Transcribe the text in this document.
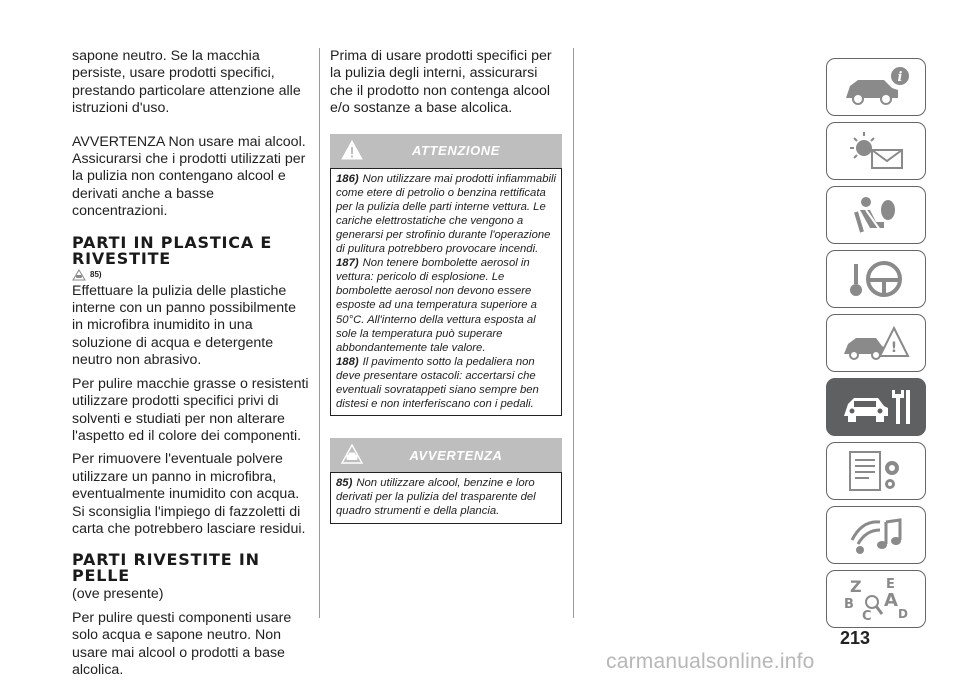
sapone neutro. Se la macchia persiste, usare prodotti specifici, prestando particolare attenzione alle istruzioni d'uso.

AVVERTENZA Non usare mai alcool. Assicurarsi che i prodotti utilizzati per la pulizia non contengano alcool e derivati anche a basse concentrazioni.

PARTI IN PLASTICA E RIVESTITE
85)

Effettuare la pulizia delle plastiche interne con un panno possibilmente in microfibra inumidito in una soluzione di acqua e detergente neutro non abrasivo.

Per pulire macchie grasse o resistenti utilizzare prodotti specifici privi di solventi e studiati per non alterare l'aspetto ed il colore dei componenti.

Per rimuovere l'eventuale polvere utilizzare un panno in microfibra, eventualmente inumidito con acqua. Si sconsiglia l'impiego di fazzoletti di carta che potrebbero lasciare residui.

PARTI RIVESTITE IN PELLE

(ove presente)

Per pulire questi componenti usare solo acqua e sapone neutro. Non usare mai alcool o prodotti a base alcolica.

Prima di usare prodotti specifici per la pulizia degli interni, assicurarsi che il prodotto non contenga alcool e/o sostanze a base alcolica.

ATTENZIONE

186) Non utilizzare mai prodotti infiammabili come etere di petrolio o benzina rettificata per la pulizia delle parti interne vettura. Le cariche elettrostatiche che vengono a generarsi per strofinio durante l'operazione di pulitura potrebbero provocare incendi.

187) Non tenere bombolette aerosol in vettura: pericolo di esplosione. Le bombolette aerosol non devono essere esposte ad una temperatura superiore a 50°C. All'interno della vettura esposta al sole la temperatura può superare abbondantemente tale valore.

188) Il pavimento sotto la pedaliera non deve presentare ostacoli: accertarsi che eventuali sovratappeti siano sempre ben distesi e non interferiscano con i pedali.

AVVERTENZA

85) Non utilizzare alcool, benzine e loro derivati per la pulizia del trasparente del quadro strumenti e della plancia.

i
!
Z E
B A
C D
213
carmanualsonline.info
